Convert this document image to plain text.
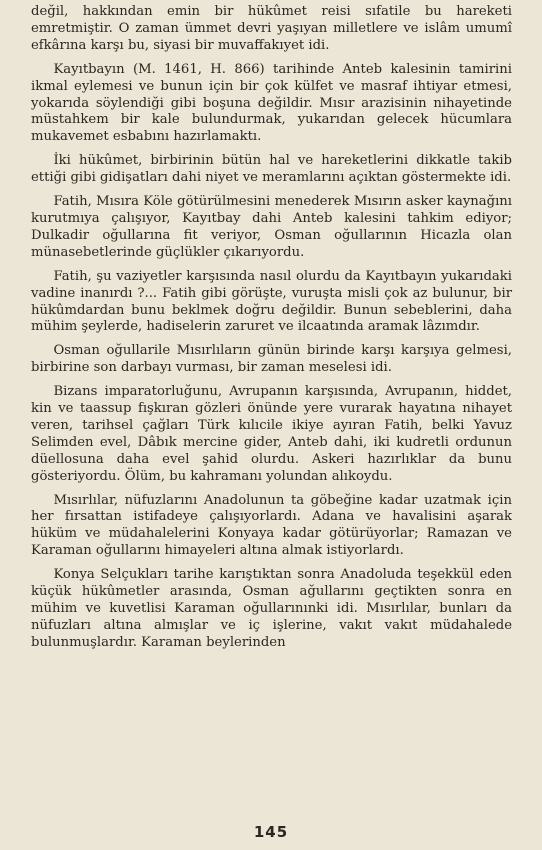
değil, hakkından emin bir hükûmet reisi sıfatile bu hareketi emretmiştir. O zaman ümmet devri yaşıyan milletlere ve islâm umumî efkârına karşı bu, siyasi bir muvaffakıyet idi.

Kayıtbayın (M. 1461, H. 866) tarihinde Anteb kalesinin tamirini ikmal eylemesi ve bunun için bir çok külfet ve masraf ihtiyar etmesi, yokarıda söylendiği gibi boşuna değildir. Mısır arazisinin nihayetinde müstahkem bir kale bulundurmak, yukarıdan gelecek hücumlara mukavemet esbabını hazırlamaktı.

İki hükûmet, birbirinin bütün hal ve hareketlerini dikkatle takib ettiği gibi gidişatları dahi niyet ve meramlarını açıktan göstermekte idi.

Fatih, Mısıra Köle götürülmesini menederek Mısırın asker kaynağını kurutmıya çalışıyor, Kayıtbay dahi Anteb kalesini tahkim ediyor; Dulkadir oğullarına fit veriyor, Osman oğullarının Hicazla olan münasebetlerinde güçlükler çıkarıyordu.

Fatih, şu vaziyetler karşısında nasıl olurdu da Kayıtbayın yukarıdaki vadine inanırdı ?... Fatih gibi görüşte, vuruşta misli çok az bulunur, bir hükûmdardan bunu beklmek doğru değildir. Bunun sebeblerini, daha mühim şeylerde, hadiselerin zaruret ve ilcaatında aramak lâzımdır.

Osman oğullarile Mısırlıların günün birinde karşı karşıya gelmesi, birbirine son darbayı vurması, bir zaman meselesi idi.

Bizans imparatorluğunu, Avrupanın karşısında, Avrupanın, hiddet, kin ve taassup fışkıran gözleri önünde yere vurarak hayatına nihayet veren, tarihsel çağları Türk kılıcile ikiye ayıran Fatih, belki Yavuz Selimden evel, Dâbık mercine gider, Anteb dahi, iki kudretli ordunun düellosuna daha evel şahid olurdu. Askeri hazırlıklar da bunu gösteriyordu. Ölüm, bu kahramanı yolundan alıkoydu.

Mısırlılar, nüfuzlarını Anadolunun ta göbeğine kadar uzatmak için her fırsattan istifadeye çalışıyorlardı. Adana ve havalisini aşarak hüküm ve müdahalelerini Konyaya kadar götürüyorlar; Ramazan ve Karaman oğullarını himayeleri altına almak istiyorlardı.

Konya Selçukları tarihe karıştıktan sonra Anadoluda teşekkül eden küçük hükûmetler arasında, Osman ağullarını geçtikten sonra en mühim ve kuvetlisi Karaman oğullarınınki idi. Mısırlılar, bunları da nüfuzları altına almışlar ve iç işlerine, vakıt vakıt müdahalede bulunmuşlardır. Karaman beylerinden

145
